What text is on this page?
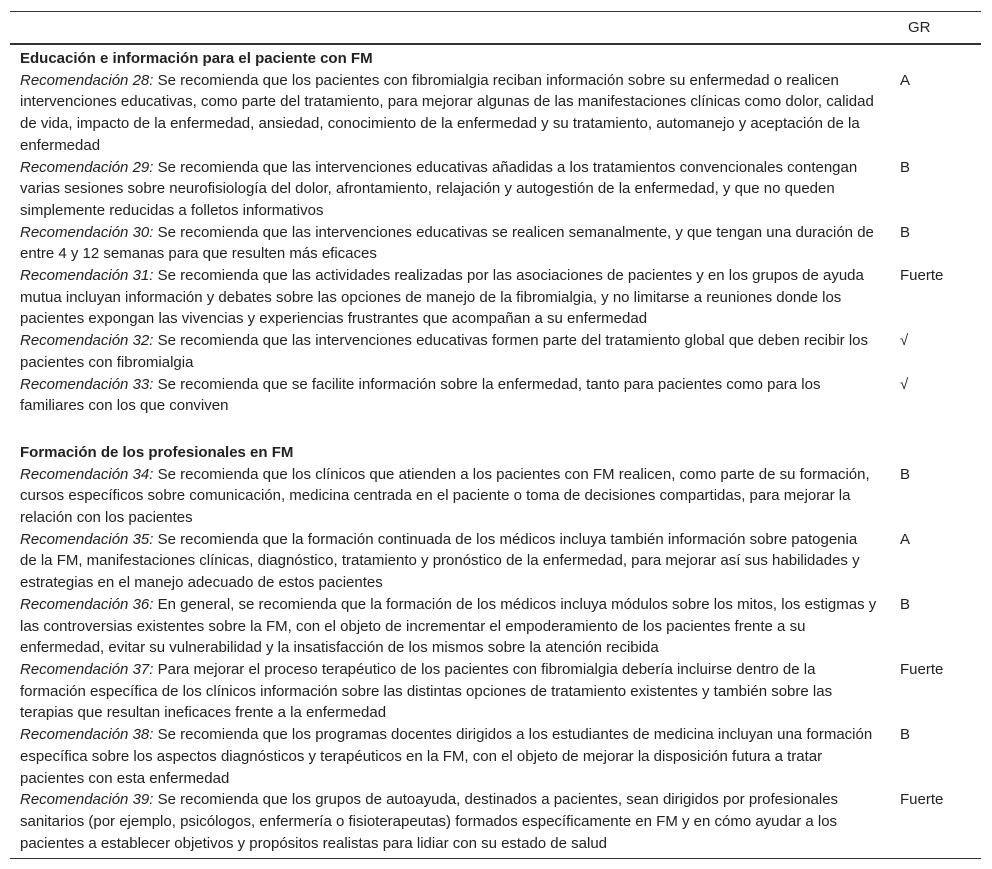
	GR
Educación e información para el paciente con FM	
Recomendación 28: Se recomienda que los pacientes con fibromialgia reciban información sobre su enfermedad o realicen intervenciones educativas, como parte del tratamiento, para mejorar algunas de las manifestaciones clínicas como dolor, calidad de vida, impacto de la enfermedad, ansiedad, conocimiento de la enfermedad y su tratamiento, automanejo y aceptación de la enfermedad	A
Recomendación 29: Se recomienda que las intervenciones educativas añadidas a los tratamientos convencionales contengan varias sesiones sobre neurofisiología del dolor, afrontamiento, relajación y autogestión de la enfermedad, y que no queden simplemente reducidas a folletos informativos	B
Recomendación 30: Se recomienda que las intervenciones educativas se realicen semanalmente, y que tengan una duración de entre 4 y 12 semanas para que resulten más eficaces	B
Recomendación 31: Se recomienda que las actividades realizadas por las asociaciones de pacientes y en los grupos de ayuda mutua incluyan información y debates sobre las opciones de manejo de la fibromialgia, y no limitarse a reuniones donde los pacientes expongan las vivencias y experiencias frustrantes que acompañan a su enfermedad	Fuerte
Recomendación 32: Se recomienda que las intervenciones educativas formen parte del tratamiento global que deben recibir los pacientes con fibromialgia	√
Recomendación 33: Se recomienda que se facilite información sobre la enfermedad, tanto para pacientes como para los familiares con los que conviven	√

Formación de los profesionales en FM	
Recomendación 34: Se recomienda que los clínicos que atienden a los pacientes con FM realicen, como parte de su formación, cursos específicos sobre comunicación, medicina centrada en el paciente o toma de decisiones compartidas, para mejorar la relación con los pacientes	B
Recomendación 35: Se recomienda que la formación continuada de los médicos incluya también información sobre patogenia de la FM, manifestaciones clínicas, diagnóstico, tratamiento y pronóstico de la enfermedad, para mejorar así sus habilidades y estrategias en el manejo adecuado de estos pacientes	A
Recomendación 36: En general, se recomienda que la formación de los médicos incluya módulos sobre los mitos, los estigmas y las controversias existentes sobre la FM, con el objeto de incrementar el empoderamiento de los pacientes frente a su enfermedad, evitar su vulnerabilidad y la insatisfacción de los mismos sobre la atención recibida	B
Recomendación 37: Para mejorar el proceso terapéutico de los pacientes con fibromialgia debería incluirse dentro de la formación específica de los clínicos información sobre las distintas opciones de tratamiento existentes y también sobre las terapias que resultan ineficaces frente a la enfermedad	Fuerte
Recomendación 38: Se recomienda que los programas docentes dirigidos a los estudiantes de medicina incluyan una formación específica sobre los aspectos diagnósticos y terapéuticos en la FM, con el objeto de mejorar la disposición futura a tratar pacientes con esta enfermedad	B
Recomendación 39: Se recomienda que los grupos de autoayuda, destinados a pacientes, sean dirigidos por profesionales sanitarios (por ejemplo, psicólogos, enfermería o fisioterapeutas) formados específicamente en FM y en cómo ayudar a los pacientes a establecer objetivos y propósitos realistas para lidiar con su estado de salud	Fuerte
